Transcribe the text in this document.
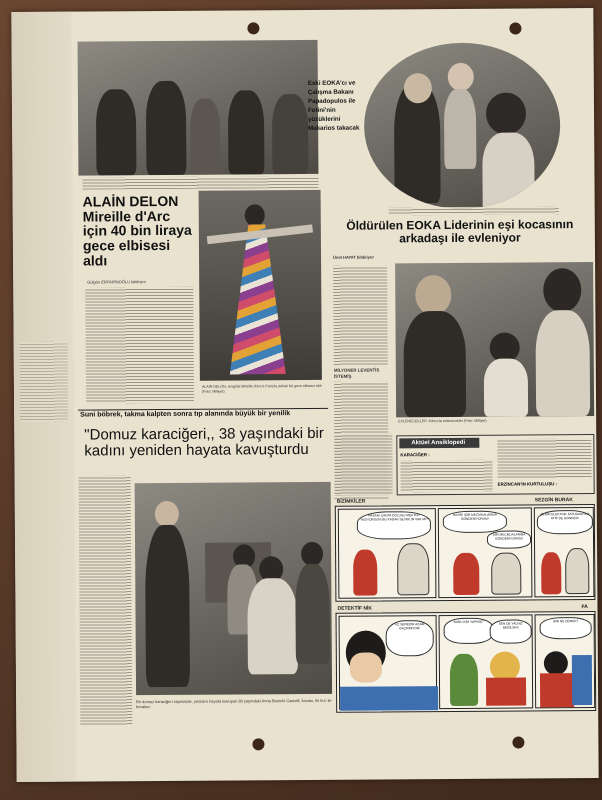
ALAİN DELON Mireille d'Arc için 40 bin liraya gece elbisesi aldı
Gülgün ERPARİNOĞLU bildiriyor
ALAIN DELON, sevgilisi Mireille d'Arc'a Paris'te pahalı bir gece elbisesi aldı (Foto: Milliyet)
Eski EOKA'cı ve Çalışma Bakanı Papadopulos ile Fotini'nin yüzüklerini Makarios takacak
Öldürülen EOKA Liderinin eşi kocasının arkadaşı ile evleniyor
Ümit HAYAT bildiriyor
MİLYONER LEVENTİS İSTEMİŞ
EVLENECEKLER: Kıbrıs'ta evlenecekler (Foto: Milliyet)
Suni böbrek, takma kalpten sonra tıp alanında büyük bir yenilik
"Domuz karaciğeri,, 38 yaşındaki bir kadını yeniden hayata kavuşturdu
Bir domuz karaciğeri sayesinde, yeniden hayata kavuşan 28 yaşındaki Anna Bianchi Castelli, kocası, iki kızı ile beraber.
Aktüel Ansiklopedi
KARACİĞER :
ERZİNCAN'IN KURTULUŞU :
BİZİMKİLER	SEZGİN BURAK
HASAN! ÇANTA DOLUSU MEKTUP YAZIYORSUN! BU KADAR SEVGİLİN VAR MI?
HAYIR! ŞİİR MECMUALARINA GÖNDERİYORUM!
ŞİİR MECMUALARINA GÖNDERİYORUM!
OLMA! ELEKTRİK FATURASIYLA ATIP DE GÖNDER!
DETEKTİF NİK	FA
ÜÇ SENEDİR ADAM KAÇIRMIYOR!
BUNU KİM YAPMIŞ?	SEN DE YALNIZ DEĞİLSİN!
ŞİİR NE DEMEK?
